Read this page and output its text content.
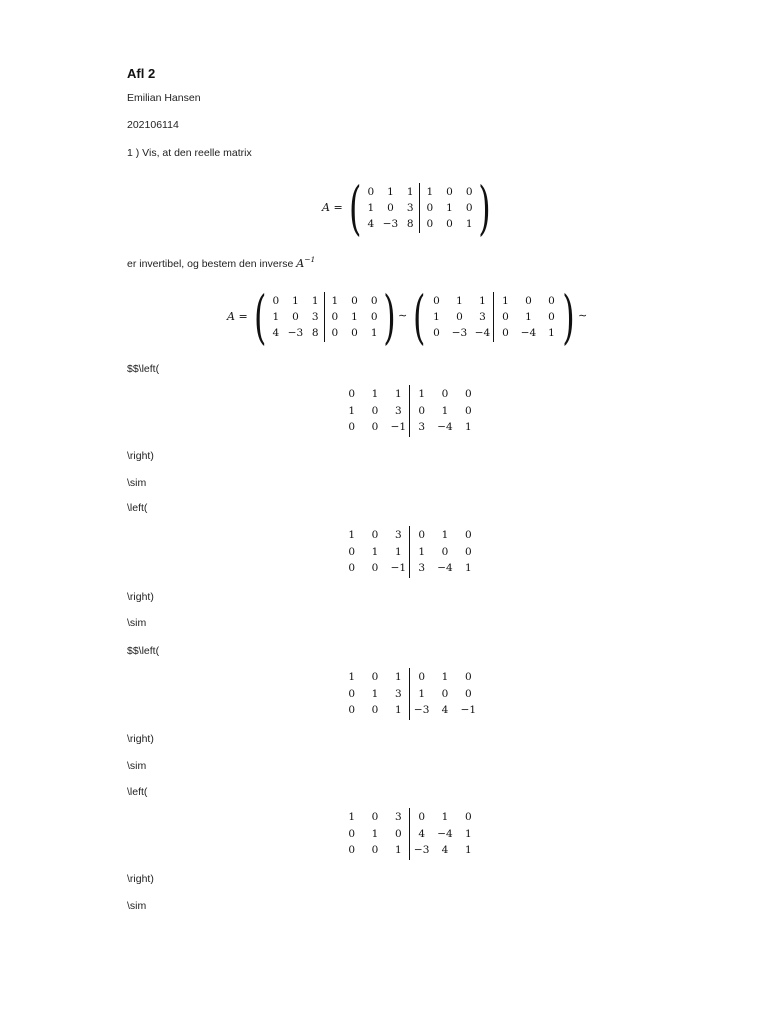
Afl 2
Emilian Hansen
202106114
1 ) Vis, at den reelle matrix
A = ( )
0	1	1	1	0	0
1	0	3	0	1	0
4 −3 8	0	0	1
er invertibel, og bestem den inverse $A^{-1}$
A = ( )
0	1	1	1	0	0
1	0	3	0	1	0
4 −3 8	0	0	1
∼ ( )
0	1	1	1	0	0
1	0	3	0	1	0
0	−3 −4	0	−4	1
∼
$$\left(
0	1	1	1	0	0
1	0	3	0	1	0
0	0	−1	3	−4	1
\right)
\sim
\left(
1	0	3	0	1	0
0	1	1	1	0	0
0	0	−1	3	−4	1
\right)
\sim
$$\left(
1	0	1	0	1	0
0	1	3	1	0	0
0	0	1	−3	4	−1
\right)
\sim
\left(
1	0	3	0	1	0
0	1	0	4	−4	1
0	0	1	−3	4	1
\right)
\sim
